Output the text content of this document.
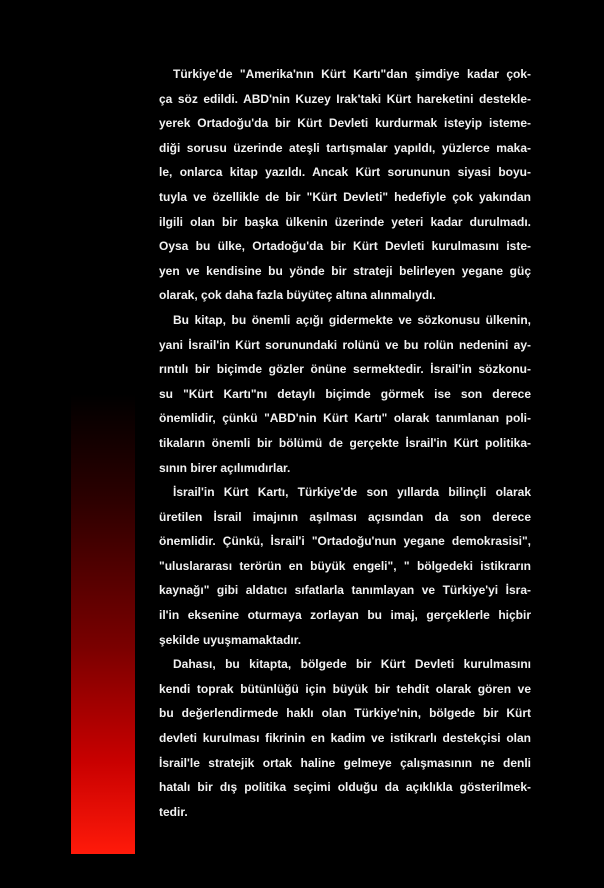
Türkiye'de "Amerika'nın Kürt Kartı"dan şimdiye kadar çok-
ça söz edildi. ABD'nin Kuzey Irak'taki Kürt hareketini destekle-
yerek Ortadoğu'da bir Kürt Devleti kurdurmak isteyip isteme-
diği sorusu üzerinde ateşli tartışmalar yapıldı, yüzlerce maka-
le, onlarca kitap yazıldı. Ancak Kürt sorununun siyasi boyu-
tuyla ve özellikle de bir "Kürt Devleti" hedefiyle çok yakından
ilgili olan bir başka ülkenin üzerinde yeteri kadar durulmadı.
Oysa bu ülke, Ortadoğu'da bir Kürt Devleti kurulmasını iste-
yen ve kendisine bu yönde bir strateji belirleyen yegane güç
olarak, çok daha fazla büyüteç altına alınmalıydı.

Bu kitap, bu önemli açığı gidermekte ve sözkonusu ülkenin,
yani İsrail'in Kürt sorunundaki rolünü ve bu rolün nedenini ay-
rıntılı bir biçimde gözler önüne sermektedir. İsrail'in sözkonu-
su "Kürt Kartı"nı detaylı biçimde görmek ise son derece
önemlidir, çünkü "ABD'nin Kürt Kartı" olarak tanımlanan poli-
tikaların önemli bir bölümü de gerçekte İsrail'in Kürt politika-
sının birer açılımıdırlar.

İsrail'in Kürt Kartı, Türkiye'de son yıllarda bilinçli olarak
üretilen İsrail imajının aşılması açısından da son derece
önemlidir. Çünkü, İsrail'i "Ortadoğu'nun yegane demokrasisi",
"uluslararası terörün en büyük engeli", " bölgedeki istikrarın
kaynağı" gibi aldatıcı sıfatlarla tanımlayan ve Türkiye'yi İsra-
il'in eksenine oturmaya zorlayan bu imaj, gerçeklerle hiçbir
şekilde uyuşmamaktadır.

Dahası, bu kitapta, bölgede bir Kürt Devleti kurulmasını
kendi toprak bütünlüğü için büyük bir tehdit olarak gören ve
bu değerlendirmede haklı olan Türkiye'nin, bölgede bir Kürt
devleti kurulması fikrinin en kadim ve istikrarlı destekçisi olan
İsrail'le stratejik ortak haline gelmeye çalışmasının ne denli
hatalı bir dış politika seçimi olduğu da açıklıkla gösterilmek-
tedir.
